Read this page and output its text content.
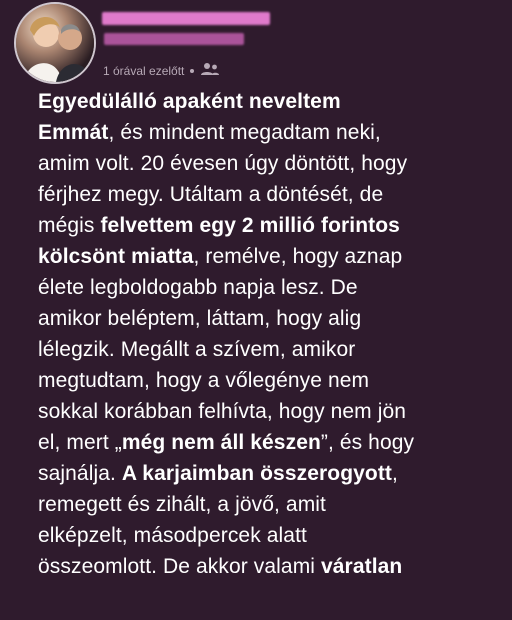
1 órával ezelőtt

Egyedülálló apaként neveltem

Emmát, és mindent megadtam neki,

amim volt. 20 évesen úgy döntött, hogy

férjhez megy. Utáltam a döntését, de

mégis felvettem egy 2 millió forintos

kölcsönt miatta, remélve, hogy aznap

élete legboldogabb napja lesz. De

amikor beléptem, láttam, hogy alig

lélegzik. Megállt a szívem, amikor

megtudtam, hogy a vőlegénye nem

sokkal korábban felhívta, hogy nem jön

el, mert „még nem áll készen”, és hogy

sajnálja. A karjaimban összerogyott,

remegett és zihált, a jövő, amit

elképzelt, másodpercek alatt

összeomlott. De akkor valami váratlan
